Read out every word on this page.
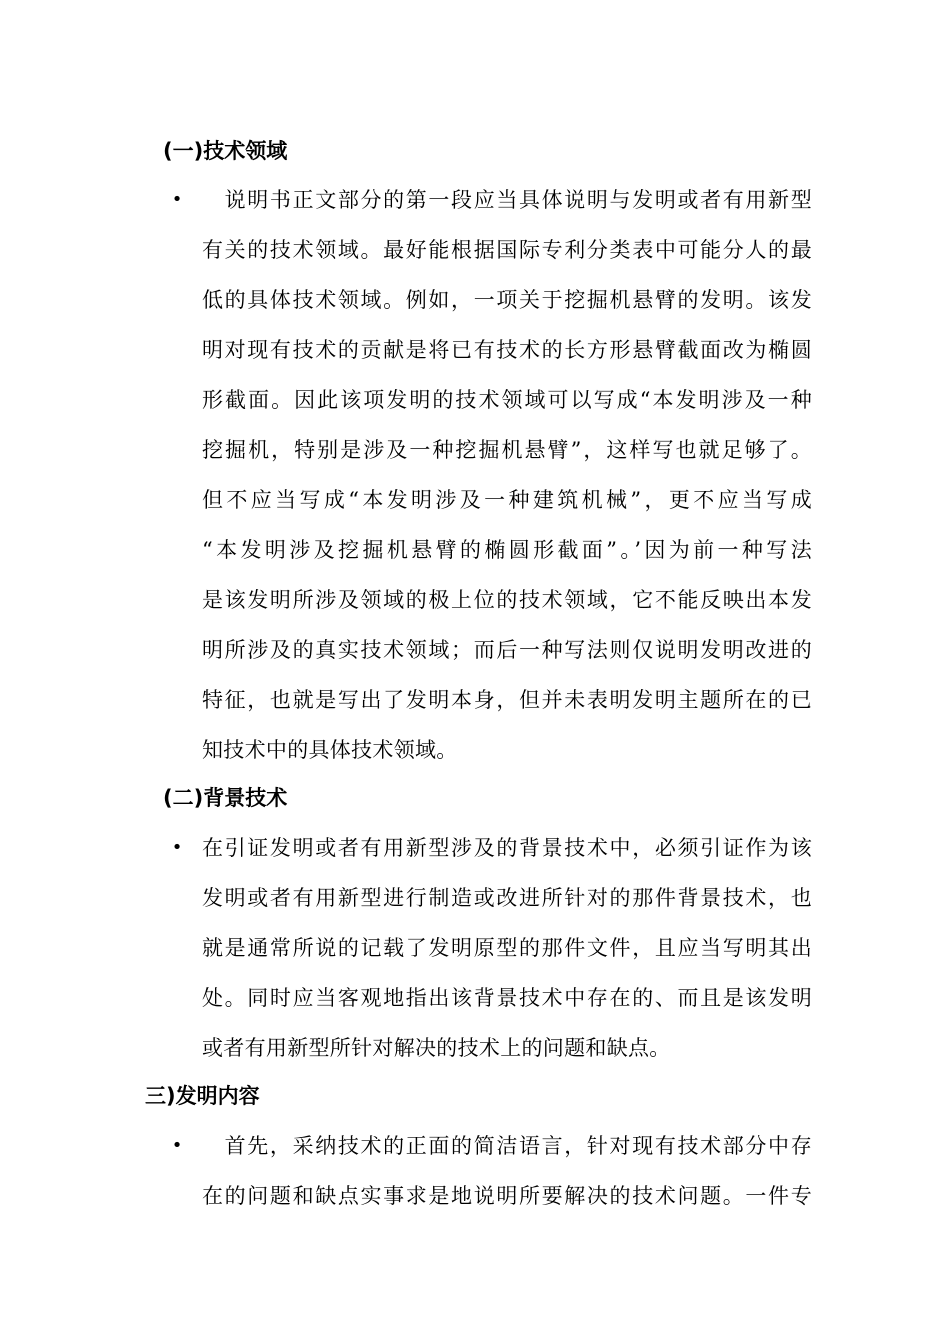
(一)技术领域
• 　说明书正文部分的第一段应当具体说明与发明或者有用新型
有关的技术领域。最好能根据国际专利分类表中可能分人的最
低的具体技术领域。例如，一项关于挖掘机悬臂的发明。该发
明对现有技术的贡献是将已有技术的长方形悬臂截面改为椭圆
形截面。因此该项发明的技术领域可以写成“本发明涉及一种
挖掘机，特别是涉及一种挖掘机悬臂”，这样写也就足够了。
但不应当写成“本发明涉及一种建筑机械”，更不应当写成
“本发明涉及挖掘机悬臂的椭圆形截面”。’因为前一种写法
是该发明所涉及领域的极上位的技术领域，它不能反映出本发
明所涉及的真实技术领域；而后一种写法则仅说明发明改进的
特征，也就是写出了发明本身，但并未表明发明主题所在的已
知技术中的具体技术领域。
(二)背景技术
• 在引证发明或者有用新型涉及的背景技术中，必须引证作为该
发明或者有用新型进行制造或改进所针对的那件背景技术，也
就是通常所说的记载了发明原型的那件文件，且应当写明其出
处。同时应当客观地指出该背景技术中存在的、而且是该发明
或者有用新型所针对解决的技术上的问题和缺点。
三)发明内容
• 　首先，采纳技术的正面的简洁语言，针对现有技术部分中存
在的问题和缺点实事求是地说明所要解决的技术问题。一件专
